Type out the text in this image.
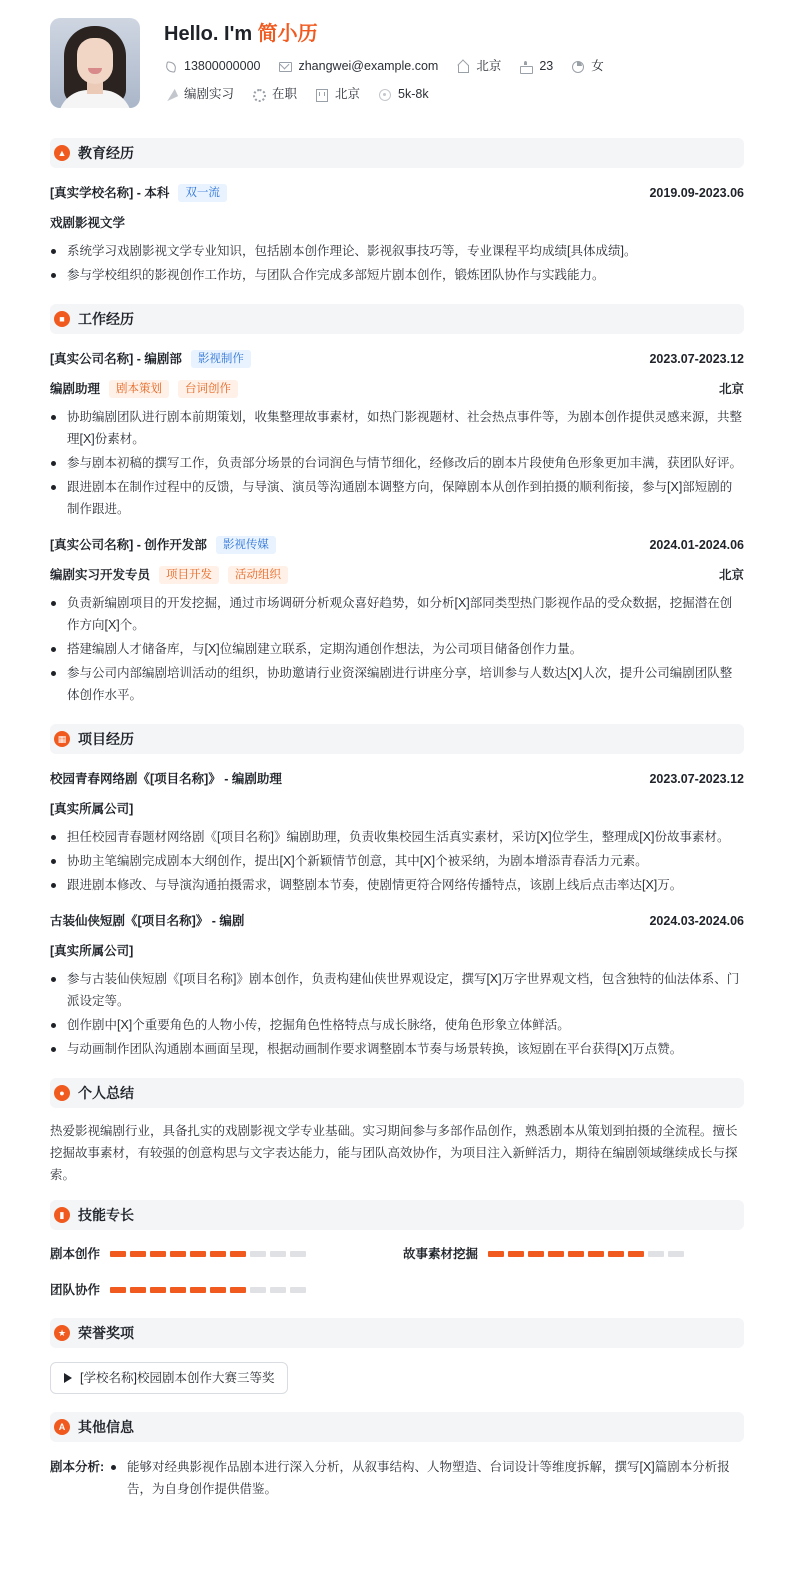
Hello. I'm 简小历
13800000000	zhangwei@example.com	北京	23	女
编剧实习	在职	北京	5k-8k
▲ 教育经历
[真实学校名称] - 本科	双一流	2019.09-2023.06
戏剧影视文学
系统学习戏剧影视文学专业知识，包括剧本创作理论、影视叙事技巧等，专业课程平均成绩[具体成绩]。
参与学校组织的影视创作工作坊，与团队合作完成多部短片剧本创作，锻炼团队协作与实践能力。
■ 工作经历
[真实公司名称] - 编剧部	影视制作	2023.07-2023.12
编剧助理	剧本策划	台词创作	北京
协助编剧团队进行剧本前期策划，收集整理故事素材，如热门影视题材、社会热点事件等，为剧本创作提供灵感来源，共整理[X]份素材。
参与剧本初稿的撰写工作，负责部分场景的台词润色与情节细化，经修改后的剧本片段使角色形象更加丰满，获团队好评。
跟进剧本在制作过程中的反馈，与导演、演员等沟通剧本调整方向，保障剧本从创作到拍摄的顺利衔接，参与[X]部短剧的制作跟进。
[真实公司名称] - 创作开发部	影视传媒	2024.01-2024.06
编剧实习开发专员	项目开发	活动组织	北京
负责新编剧项目的开发挖掘，通过市场调研分析观众喜好趋势，如分析[X]部同类型热门影视作品的受众数据，挖掘潜在创作方向[X]个。
搭建编剧人才储备库，与[X]位编剧建立联系，定期沟通创作想法，为公司项目储备创作力量。
参与公司内部编剧培训活动的组织，协助邀请行业资深编剧进行讲座分享，培训参与人数达[X]人次，提升公司编剧团队整体创作水平。
▦ 项目经历
校园青春网络剧《[项目名称]》 - 编剧助理	2023.07-2023.12
[真实所属公司]
担任校园青春题材网络剧《[项目名称]》编剧助理，负责收集校园生活真实素材，采访[X]位学生，整理成[X]份故事素材。
协助主笔编剧完成剧本大纲创作，提出[X]个新颖情节创意，其中[X]个被采纳，为剧本增添青春活力元素。
跟进剧本修改、与导演沟通拍摄需求，调整剧本节奏，使剧情更符合网络传播特点，该剧上线后点击率达[X]万。
古装仙侠短剧《[项目名称]》 - 编剧	2024.03-2024.06
[真实所属公司]
参与古装仙侠短剧《[项目名称]》剧本创作，负责构建仙侠世界观设定，撰写[X]万字世界观文档，包含独特的仙法体系、门派设定等。
创作剧中[X]个重要角色的人物小传，挖掘角色性格特点与成长脉络，使角色形象立体鲜活。
与动画制作团队沟通剧本画面呈现，根据动画制作要求调整剧本节奏与场景转换，该短剧在平台获得[X]万点赞。
● 个人总结
热爱影视编剧行业，具备扎实的戏剧影视文学专业基础。实习期间参与多部作品创作，熟悉剧本从策划到拍摄的全流程。擅长挖掘故事素材，有较强的创意构思与文字表达能力，能与团队高效协作，为项目注入新鲜活力，期待在编剧领域继续成长与探索。
▮ 技能专长
剧本创作	故事素材挖掘
团队协作
★ 荣誉奖项
[学校名称]校园剧本创作大赛三等奖
A 其他信息
剧本分析:	能够对经典影视作品剧本进行深入分析，从叙事结构、人物塑造、台词设计等维度拆解，撰写[X]篇剧本分析报告，为自身创作提供借鉴。
